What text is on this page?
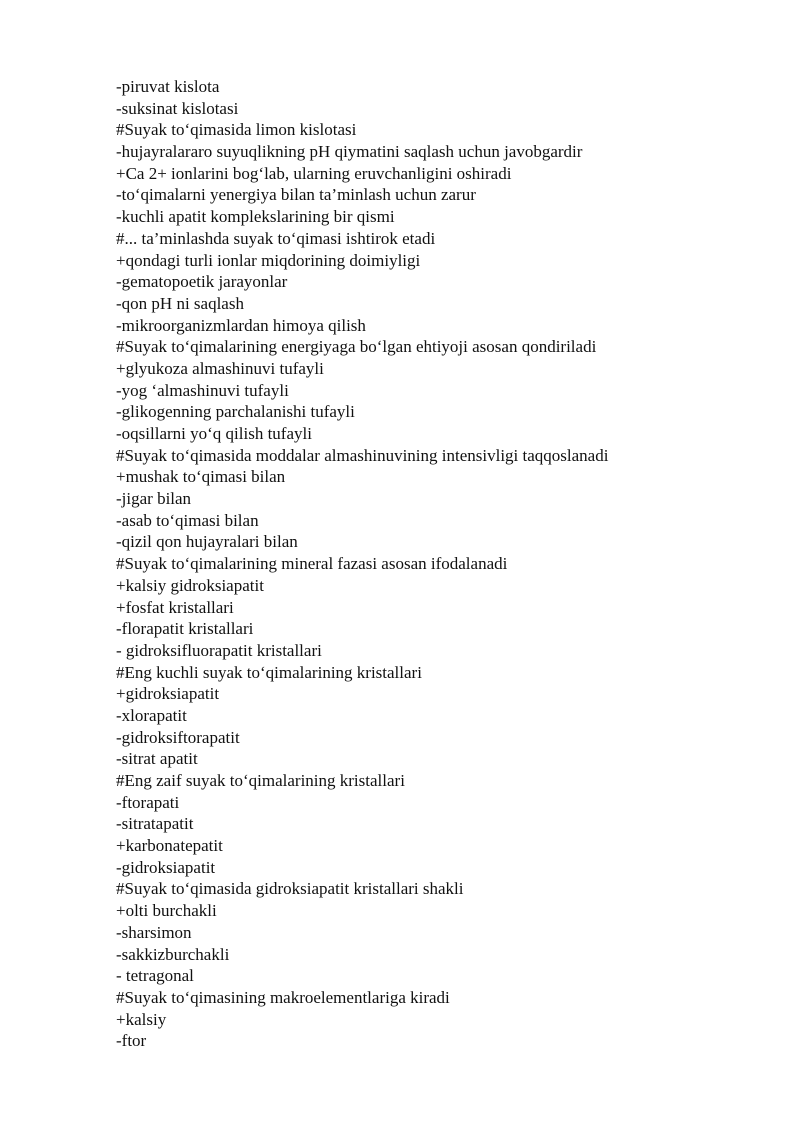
-piruvat kislota
-suksinat kislotasi
#Suyak to‘qimasida limon kislotasi
-hujayralararo suyuqlikning pH qiymatini saqlash uchun javobgardir
+Ca 2+ ionlarini bog‘lab, ularning eruvchanligini oshiradi
-to‘qimalarni yenergiya bilan ta’minlash uchun zarur
-kuchli apatit komplekslarining bir qismi
#... ta’minlashda suyak to‘qimasi ishtirok etadi
+qondagi turli ionlar miqdorining doimiyligi
-gematopoetik jarayonlar
-qon pH ni saqlash
-mikroorganizmlardan himoya qilish
#Suyak to‘qimalarining energiyaga bo‘lgan ehtiyoji asosan qondiriladi
+glyukoza almashinuvi tufayli
-yog ‘almashinuvi tufayli
-glikogenning parchalanishi tufayli
-oqsillarni yo‘q qilish tufayli
#Suyak to‘qimasida moddalar almashinuvining intensivligi taqqoslanadi
+mushak to‘qimasi bilan
-jigar bilan
-asab to‘qimasi bilan
-qizil qon hujayralari bilan
#Suyak to‘qimalarining mineral fazasi asosan ifodalanadi
+kalsiy gidroksiapatit
+fosfat kristallari
-florapatit kristallari
- gidroksifluorapatit kristallari
#Eng kuchli suyak to‘qimalarining kristallari
+gidroksiapatit
-xlorapatit
-gidroksiftorapatit
-sitrat apatit
#Eng zaif suyak to‘qimalarining kristallari
-ftorapati
-sitratapatit
+karbonatepatit
-gidroksiapatit
#Suyak to‘qimasida gidroksiapatit kristallari shakli
+olti burchakli
-sharsimon
-sakkizburchakli
- tetragonal
#Suyak to‘qimasining makroelementlariga kiradi
+kalsiy
-ftor
